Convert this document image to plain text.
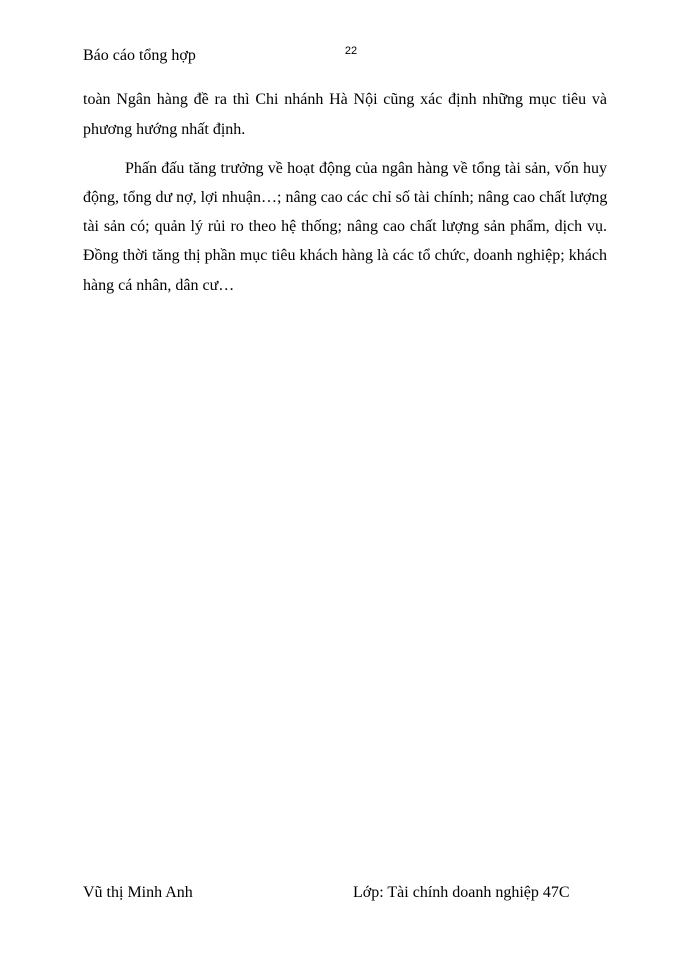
Báo cáo tổng hợp	22
toàn Ngân hàng đề ra thì Chi nhánh Hà Nội cũng xác định những mục tiêu và
phương hướng nhất định.
Phấn đấu tăng trưởng về hoạt động của ngân hàng về tổng tài sản, vốn huy
động, tổng dư nợ, lợi nhuận…; nâng cao các chỉ số tài chính; nâng cao chất lượng
tài sản có; quản lý rủi ro theo hệ thống; nâng cao chất lượng sản phẩm, dịch vụ.
Đồng thời tăng thị phần mục tiêu khách hàng là các tổ chức, doanh nghiệp; khách
hàng cá nhân, dân cư…
Vũ thị Minh Anh	Lớp: Tài chính doanh nghiệp 47C
